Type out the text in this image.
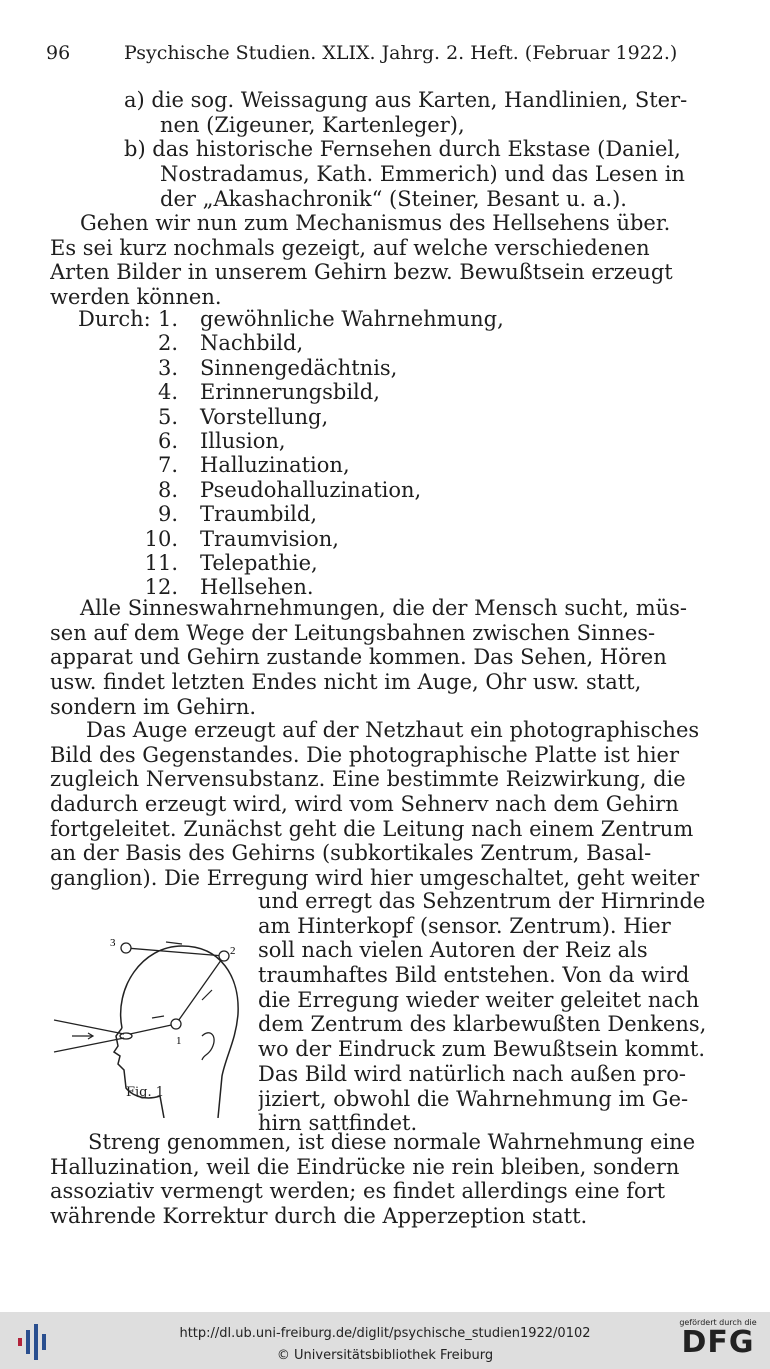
96	Psychische Studien. XLIX. Jahrg. 2. Heft. (Februar 1922.)
a) die sog. Weissagung aus Karten, Handlinien, Ster-
nen (Zigeuner, Kartenleger),
b) das historische Fernsehen durch Ekstase (Daniel,
Nostradamus, Kath. Emmerich) und das Lesen in
der „Akashachronik“ (Steiner, Besant u. a.).
Gehen wir nun zum Mechanismus des Hellsehens über.
Es sei kurz nochmals gezeigt, auf welche verschiedenen
Arten Bilder in unserem Gehirn bezw. Bewußtsein erzeugt
werden können.
Durch: 1. gewöhnliche Wahrnehmung,
2. Nachbild,
3. Sinnengedächtnis,
4. Erinnerungsbild,
5. Vorstellung,
6. Illusion,
7. Halluzination,
8. Pseudohalluzination,
9. Traumbild,
10. Traumvision,
11. Telepathie,
12. Hellsehen.
Alle Sinneswahrnehmungen, die der Mensch sucht, müs-
sen auf dem Wege der Leitungsbahnen zwischen Sinnes-
apparat und Gehirn zustande kommen. Das Sehen, Hören
usw. findet letzten Endes nicht im Auge, Ohr usw. statt,
sondern im Gehirn.
Das Auge erzeugt auf der Netzhaut ein photographisches
Bild des Gegenstandes. Die photographische Platte ist hier
zugleich Nervensubstanz. Eine bestimmte Reizwirkung, die
dadurch erzeugt wird, wird vom Sehnerv nach dem Gehirn
fortgeleitet. Zunächst geht die Leitung nach einem Zentrum
an der Basis des Gehirns (subkortikales Zentrum, Basal-
ganglion). Die Erregung wird hier umgeschaltet, geht weiter
und erregt das Sehzentrum der Hirnrinde
am Hinterkopf (sensor. Zentrum). Hier
soll nach vielen Autoren der Reiz als
traumhaftes Bild entstehen. Von da wird
die Erregung wieder weiter geleitet nach
dem Zentrum des klarbewußten Denkens,
wo der Eindruck zum Bewußtsein kommt.
Das Bild wird natürlich nach außen pro-
jiziert, obwohl die Wahrnehmung im Ge-
hirn sattfindet.
1
2
3
Fig. 1
Streng genommen, ist diese normale Wahrnehmung eine
Halluzination, weil die Eindrücke nie rein bleiben, sondern
assoziativ vermengt werden; es findet allerdings eine fort
währende Korrektur durch die Apperzeption statt.
http://dl.ub.uni-freiburg.de/diglit/psychische_studien1922/0102
© Universitätsbibliothek Freiburg
gefördert durch die
DFG
